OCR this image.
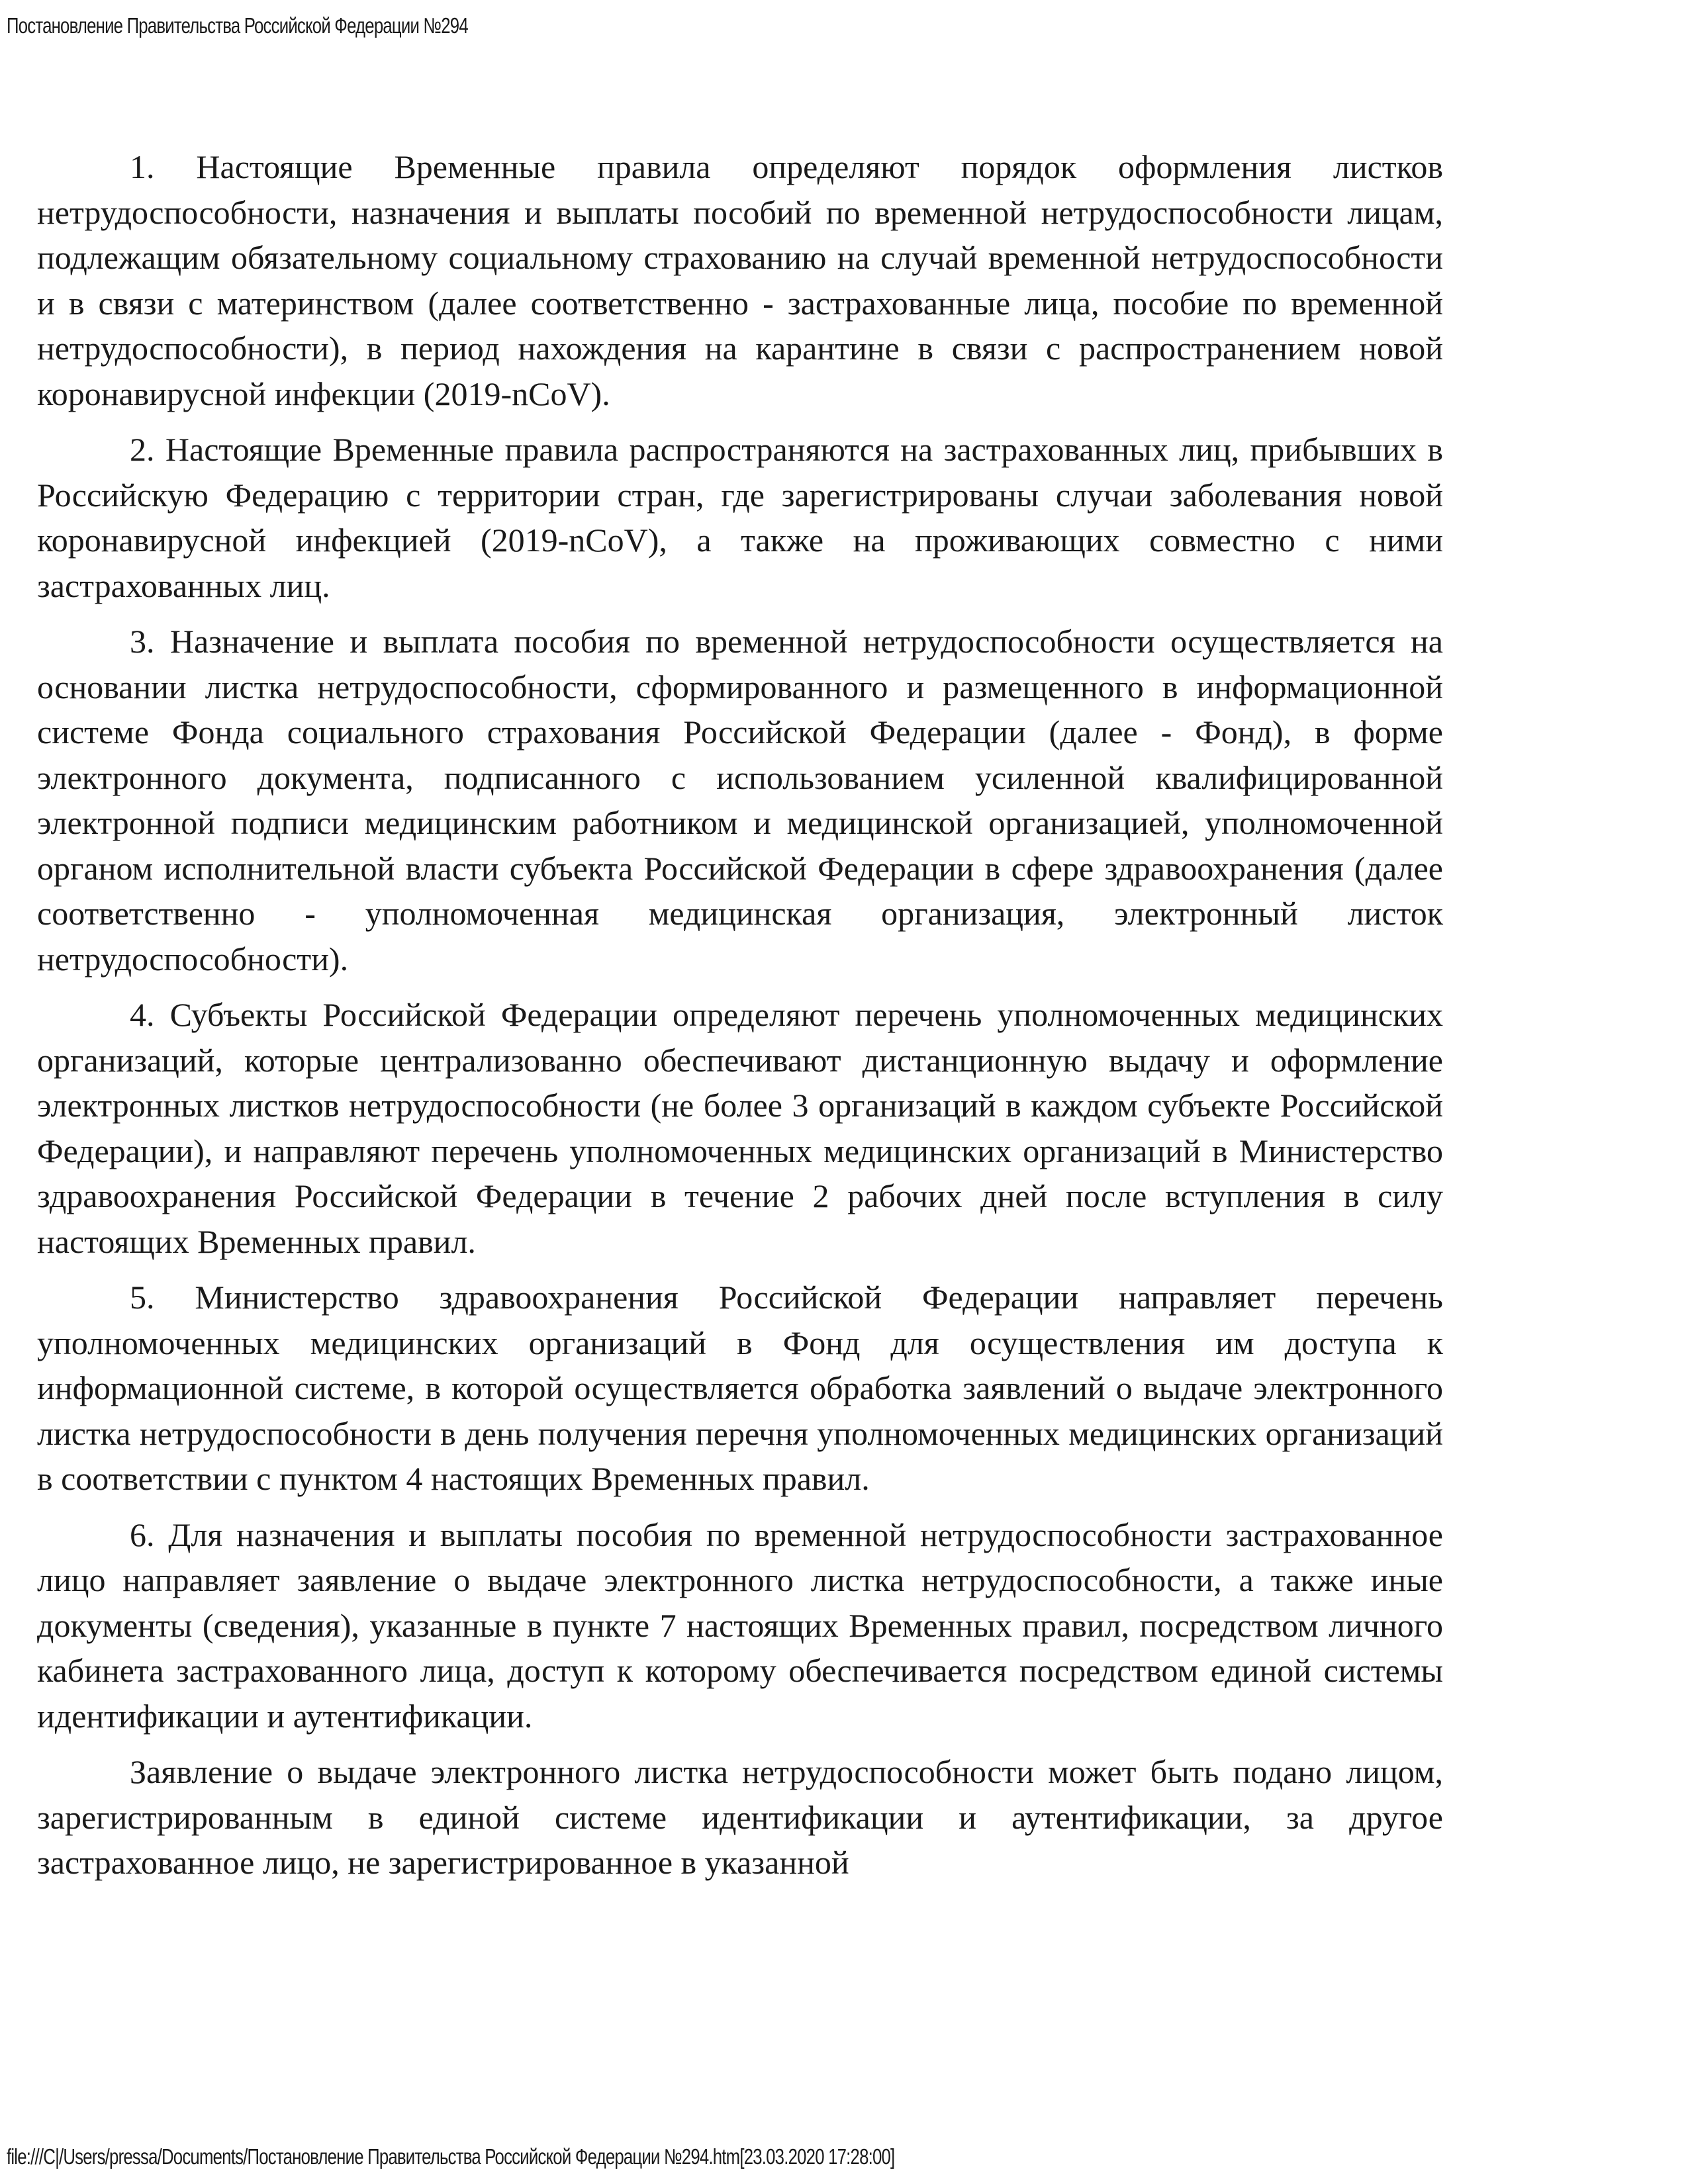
Постановление Правительства Российской Федерации №294

1. Настоящие Временные правила определяют порядок оформления листков нетрудоспособности, назначения и выплаты пособий по временной нетрудоспособности лицам, подлежащим обязательному социальному страхованию на случай временной нетрудоспособности и в связи с материнством (далее соответственно - застрахованные лица, пособие по временной нетрудоспособности), в период нахождения на карантине в связи с распространением новой коронавирусной инфекции (2019-nCoV).

2. Настоящие Временные правила распространяются на застрахованных лиц, прибывших в Российскую Федерацию с территории стран, где зарегистрированы случаи заболевания новой коронавирусной инфекцией (2019-nCoV), а также на проживающих совместно с ними застрахованных лиц.

3. Назначение и выплата пособия по временной нетрудоспособности осуществляется на основании листка нетрудоспособности, сформированного и размещенного в информационной системе Фонда социального страхования Российской Федерации (далее - Фонд), в форме электронного документа, подписанного с использованием усиленной квалифицированной электронной подписи медицинским работником и медицинской организацией, уполномоченной органом исполнительной власти субъекта Российской Федерации в сфере здравоохранения (далее соответственно - уполномоченная медицинская организация, электронный листок нетрудоспособности).

4. Субъекты Российской Федерации определяют перечень уполномоченных медицинских организаций, которые централизованно обеспечивают дистанционную выдачу и оформление электронных листков нетрудоспособности (не более 3 организаций в каждом субъекте Российской Федерации), и направляют перечень уполномоченных медицинских организаций в Министерство здравоохранения Российской Федерации в течение 2 рабочих дней после вступления в силу настоящих Временных правил.

5. Министерство здравоохранения Российской Федерации направляет перечень уполномоченных медицинских организаций в Фонд для осуществления им доступа к информационной системе, в которой осуществляется обработка заявлений о выдаче электронного листка нетрудоспособности в день получения перечня уполномоченных медицинских организаций в соответствии с пунктом 4 настоящих Временных правил.

6. Для назначения и выплаты пособия по временной нетрудоспособности застрахованное лицо направляет заявление о выдаче электронного листка нетрудоспособности, а также иные документы (сведения), указанные в пункте 7 настоящих Временных правил, посредством личного кабинета застрахованного лица, доступ к которому обеспечивается посредством единой системы идентификации и аутентификации.

Заявление о выдаче электронного листка нетрудоспособности может быть подано лицом, зарегистрированным в единой системе идентификации и аутентификации, за другое застрахованное лицо, не зарегистрированное в указанной

file:///C|/Users/pressa/Documents/Постановление Правительства Российской Федерации №294.htm[23.03.2020 17:28:00]
